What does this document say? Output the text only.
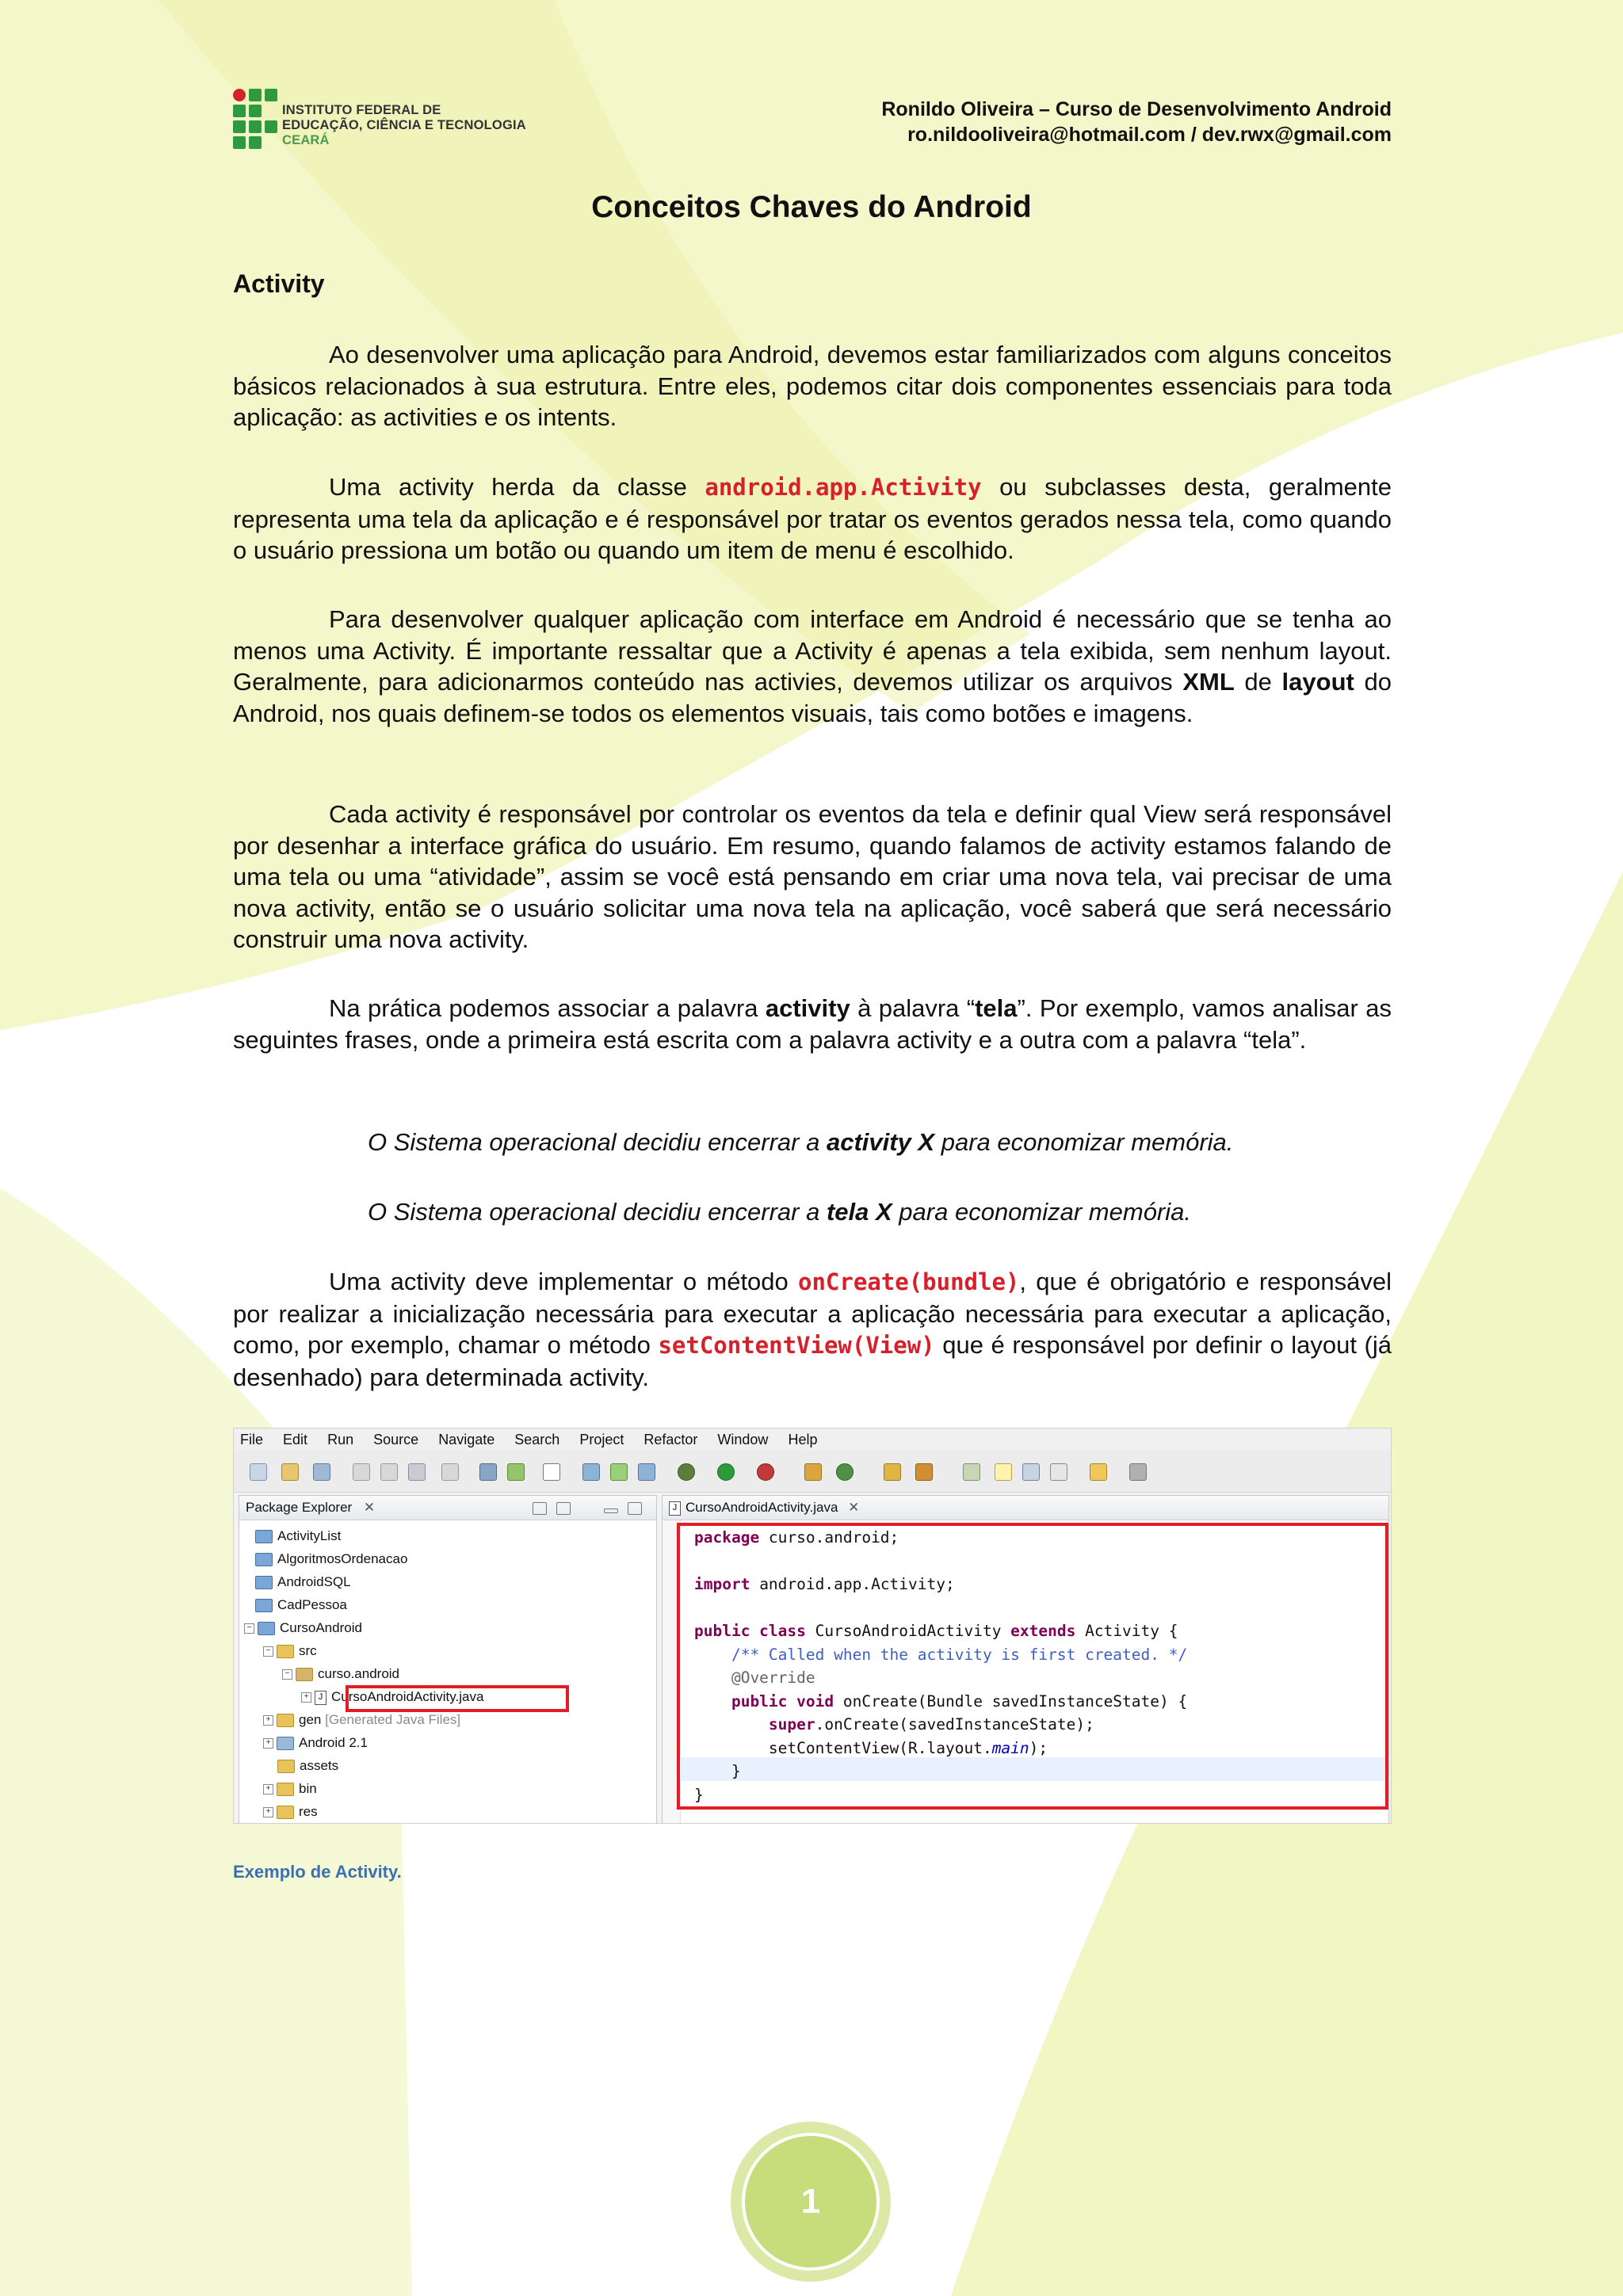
INSTITUTO FEDERAL DE
EDUCAÇÃO, CIÊNCIA E TECNOLOGIA
CEARÁ
Ronildo Oliveira – Curso de Desenvolvimento Android
ro.nildooliveira@hotmail.com / dev.rwx@gmail.com
Conceitos Chaves do Android
Activity

Ao desenvolver uma aplicação para Android, devemos estar familiarizados com alguns conceitos básicos relacionados à sua estrutura. Entre eles, podemos citar dois componentes essenciais para toda aplicação: as activities e os intents.

Uma activity herda da classe android.app.Activity ou subclasses desta, geralmente representa uma tela da aplicação e é responsável por tratar os eventos gerados nessa tela, como quando o usuário pressiona um botão ou quando um item de menu é escolhido.

Para desenvolver qualquer aplicação com interface em Android é necessário que se tenha ao menos uma Activity. É importante ressaltar que a Activity é apenas a tela exibida, sem nenhum layout. Geralmente, para adicionarmos conteúdo nas activies, devemos utilizar os arquivos XML de layout do Android, nos quais definem-se todos os elementos visuais, tais como botões e imagens.

Cada activity é responsável por controlar os eventos da tela e definir qual View será responsável por desenhar a interface gráfica do usuário. Em resumo, quando falamos de activity estamos falando de uma tela ou uma “atividade”, assim se você está pensando em criar uma nova tela, vai precisar de uma nova activity, então se o usuário solicitar uma nova tela na aplicação, você saberá que será necessário construir uma nova activity.

Na prática podemos associar a palavra activity à palavra “tela”. Por exemplo, vamos analisar as seguintes frases, onde a primeira está escrita com a palavra activity e a outra com a palavra “tela”.

O Sistema operacional decidiu encerrar a activity X para economizar memória.
O Sistema operacional decidiu encerrar a tela X para economizar memória.

Uma activity deve implementar o método onCreate(bundle), que é obrigatório e responsável por realizar a inicialização necessária para executar a aplicação necessária para executar a aplicação, como, por exemplo, chamar o método setContentView(View) que é responsável por definir o layout (já desenhado) para determinada activity.

File Edit Run Source Navigate Search Project Refactor Window Help
Package Explorer ✕
ActivityList
AlgoritmosOrdenacao
AndroidSQL
CadPessoa
− CursoAndroid
− src
− curso.android
+ J CursoAndroidActivity.java
+ gen [Generated Java Files]
+ Android 2.1
assets
+ bin
+ res
J CursoAndroidActivity.java ✕
package curso.android;

import android.app.Activity;

public class CursoAndroidActivity extends Activity {
/** Called when the activity is first created. */
@Override
public void onCreate(Bundle savedInstanceState) {
super.onCreate(savedInstanceState);
setContentView(R.layout.main);
}
}
Exemplo de Activity.
1
